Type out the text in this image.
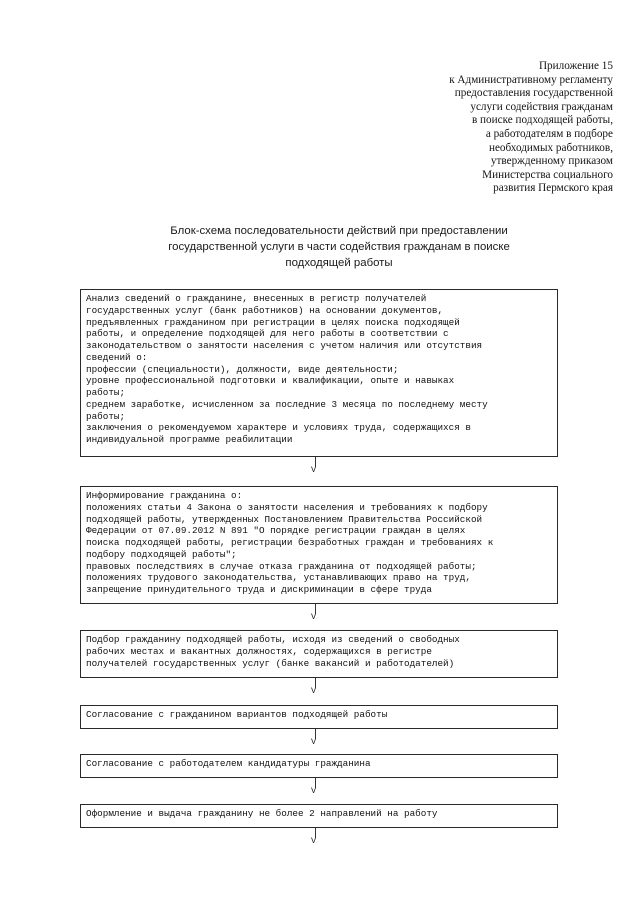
Приложение 15
к Административному регламенту
предоставления государственной
услуги содействия гражданам
в поиске подходящей работы,
а работодателям в подборе
необходимых работников,
утвержденному приказом
Министерства социального
развития Пермского края
Блок-схема последовательности действий при предоставлении
государственной услуги в части содействия гражданам в поиске
подходящей работы
Анализ сведений о гражданине, внесенных в регистр получателей
государственных услуг (банк работников) на основании документов,
предъявленных гражданином при регистрации в целях поиска подходящей
работы, и определение подходящей для него работы в соответствии с
законодательством о занятости населения с учетом наличия или отсутствия
сведений о:
профессии (специальности), должности, виде деятельности;
уровне профессиональной подготовки и квалификации, опыте и навыках
работы;
среднем заработке, исчисленном за последние 3 месяца по последнему месту
работы;
заключения о рекомендуемом характере и условиях труда, содержащихся в
индивидуальной программе реабилитации
V
Информирование гражданина о:
положениях статьи 4 Закона о занятости населения и требованиях к подбору
подходящей работы, утвержденных Постановлением Правительства Российской
Федерации от 07.09.2012 N 891 "О порядке регистрации граждан в целях
поиска подходящей работы, регистрации безработных граждан и требованиях к
подбору подходящей работы";
правовых последствиях в случае отказа гражданина от подходящей работы;
положениях трудового законодательства, устанавливающих право на труд,
запрещение принудительного труда и дискриминации в сфере труда
V
Подбор гражданину подходящей работы, исходя из сведений о свободных
рабочих местах и вакантных должностях, содержащихся в регистре
получателей государственных услуг (банке вакансий и работодателей)
V
Согласование с гражданином вариантов подходящей работы
V
Согласование с работодателем кандидатуры гражданина
V
Оформление и выдача гражданину не более 2 направлений на работу
V
